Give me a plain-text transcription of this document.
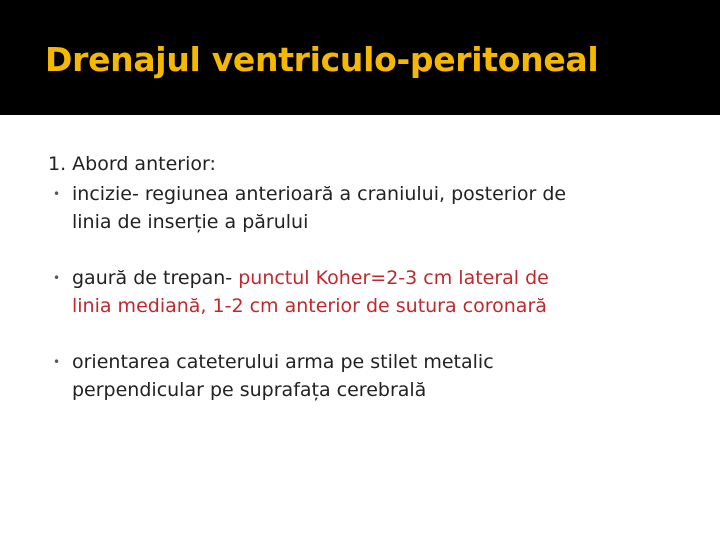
Drenajul ventriculo-peritoneal

1. Abord anterior:

• incizie- regiunea anterioară a craniului, posterior de
linia de inserție a părului

• gaură de trepan- punctul Koher=2-3 cm lateral de
linia mediană, 1-2 cm anterior de sutura coronară

• orientarea cateterului arma pe stilet metalic
perpendicular pe suprafața cerebrală
